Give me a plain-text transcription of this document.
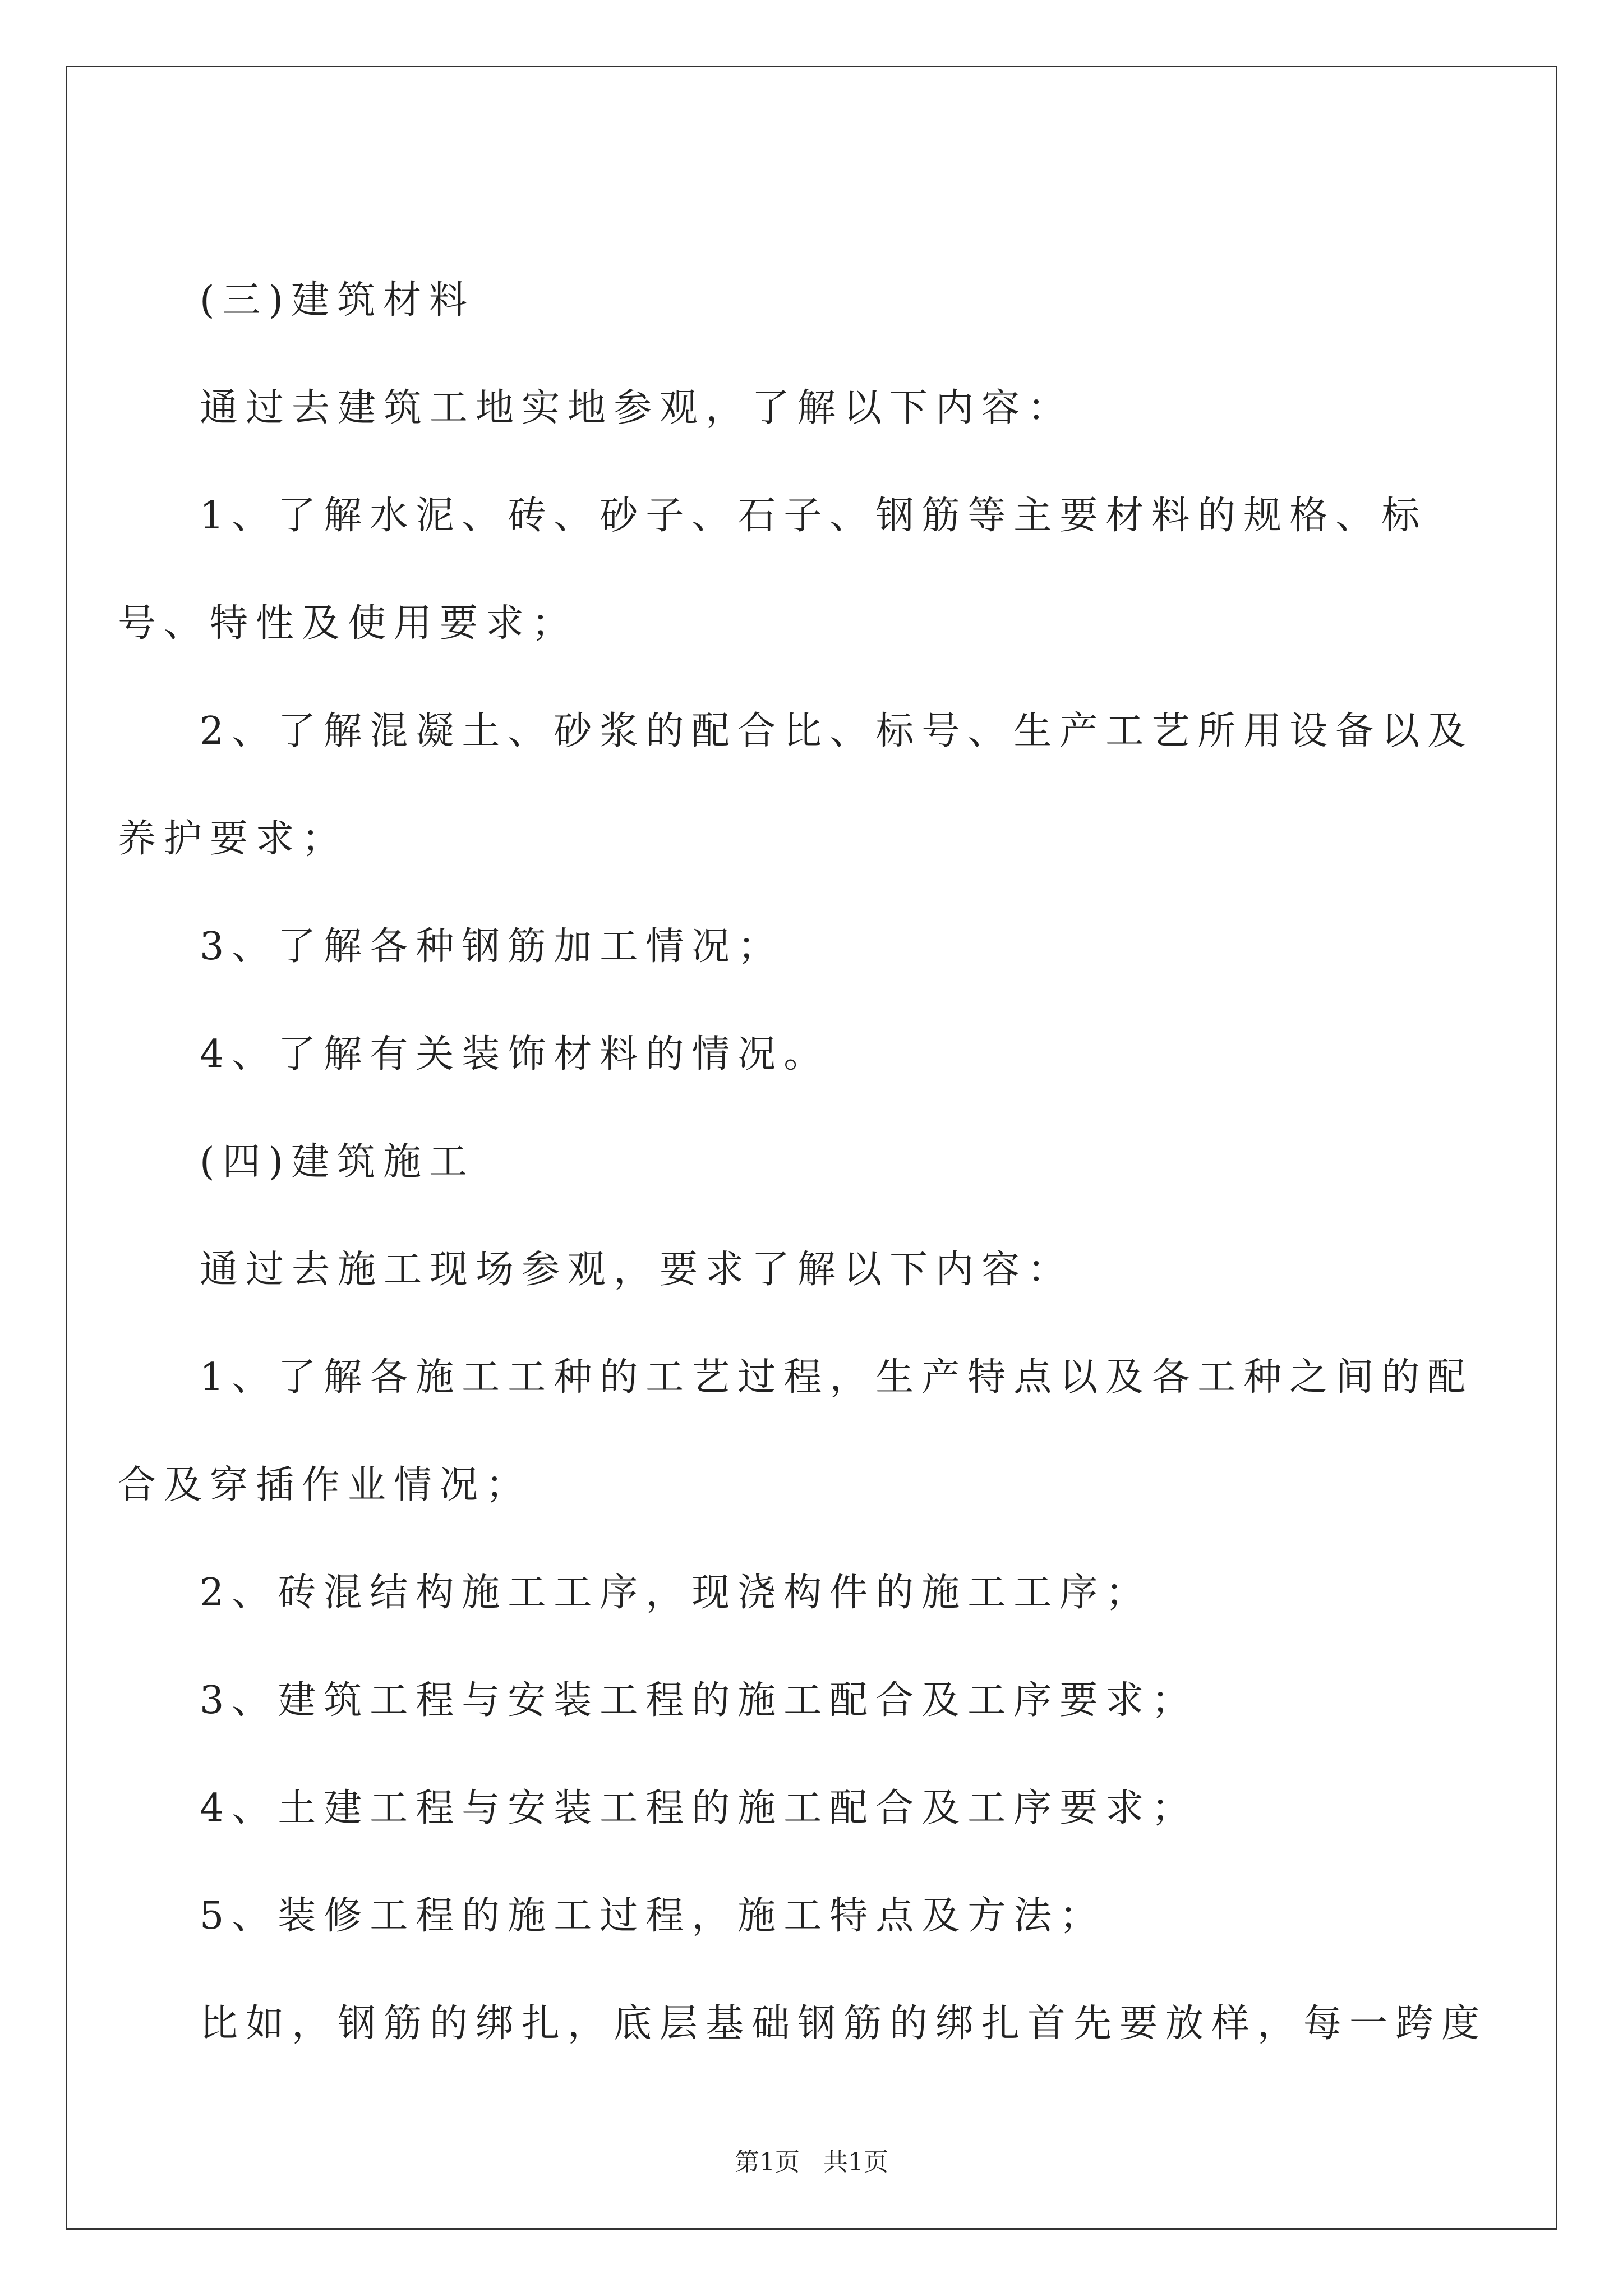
(三)建筑材料

通过去建筑工地实地参观，了解以下内容：

1、了解水泥、砖、砂子、石子、钢筋等主要材料的规格、标号、特性及使用要求；

2、了解混凝土、砂浆的配合比、标号、生产工艺所用设备以及养护要求；

3、了解各种钢筋加工情况；

4、了解有关装饰材料的情况。

(四)建筑施工

通过去施工现场参观，要求了解以下内容：

1、了解各施工工种的工艺过程，生产特点以及各工种之间的配合及穿插作业情况；

2、砖混结构施工工序，现浇构件的施工工序；

3、建筑工程与安装工程的施工配合及工序要求；

4、土建工程与安装工程的施工配合及工序要求；

5、装修工程的施工过程，施工特点及方法；

比如，钢筋的绑扎，底层基础钢筋的绑扎首先要放样，每一跨度

第1页   共1页
